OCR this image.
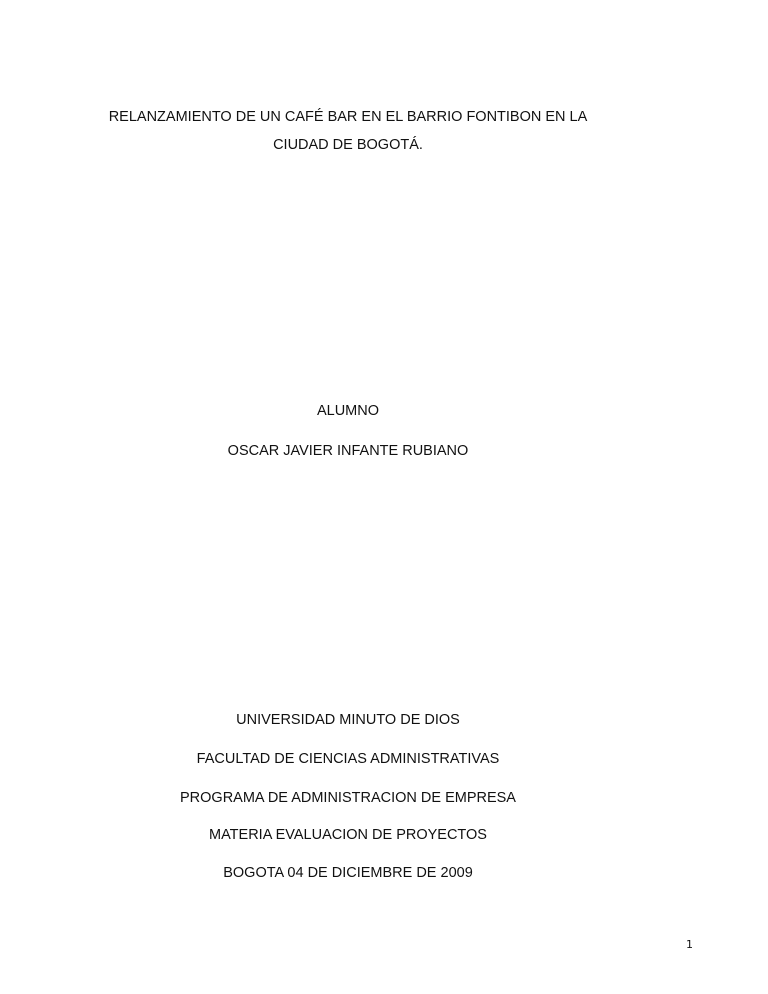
RELANZAMIENTO DE UN CAFÉ BAR EN EL BARRIO FONTIBON EN LA
CIUDAD DE BOGOTÁ.
ALUMNO
OSCAR JAVIER INFANTE RUBIANO
UNIVERSIDAD MINUTO DE DIOS
FACULTAD DE CIENCIAS ADMINISTRATIVAS
PROGRAMA DE ADMINISTRACION DE EMPRESA
MATERIA EVALUACION DE PROYECTOS
BOGOTA 04 DE DICIEMBRE DE 2009
1
